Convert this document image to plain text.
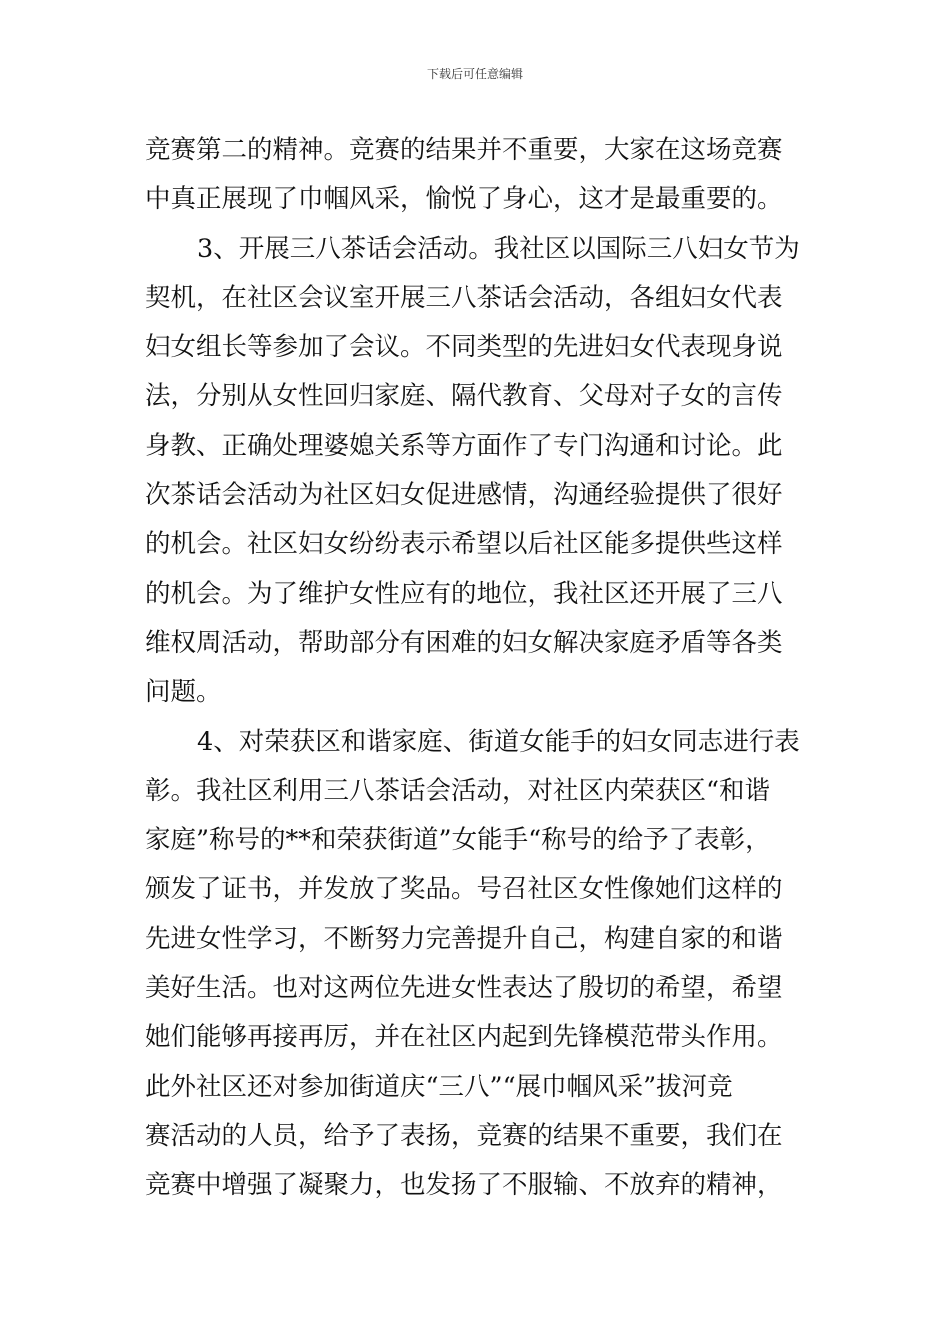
下载后可任意编辑
竞赛第二的精神。竞赛的结果并不重要，大家在这场竞赛
中真正展现了巾帼风采，愉悦了身心，这才是最重要的。
3、开展三八茶话会活动。我社区以国际三八妇女节为
契机，在社区会议室开展三八茶话会活动，各组妇女代表
妇女组长等参加了会议。不同类型的先进妇女代表现身说
法，分别从女性回归家庭、隔代教育、父母对子女的言传
身教、正确处理婆媳关系等方面作了专门沟通和讨论。此
次茶话会活动为社区妇女促进感情，沟通经验提供了很好
的机会。社区妇女纷纷表示希望以后社区能多提供些这样
的机会。为了维护女性应有的地位，我社区还开展了三八
维权周活动，帮助部分有困难的妇女解决家庭矛盾等各类
问题。
4、对荣获区和谐家庭、街道女能手的妇女同志进行表
彰。我社区利用三八茶话会活动，对社区内荣获区“和谐
家庭”称号的**和荣获街道”女能手“称号的给予了表彰，
颁发了证书，并发放了奖品。号召社区女性像她们这样的
先进女性学习，不断努力完善提升自己，构建自家的和谐
美好生活。也对这两位先进女性表达了殷切的希望，希望
她们能够再接再厉，并在社区内起到先锋模范带头作用。
此外社区还对参加街道庆“三八”“展巾帼风采”拔河竞
赛活动的人员，给予了表扬，竞赛的结果不重要，我们在
竞赛中增强了凝聚力，也发扬了不服输、不放弃的精神，
